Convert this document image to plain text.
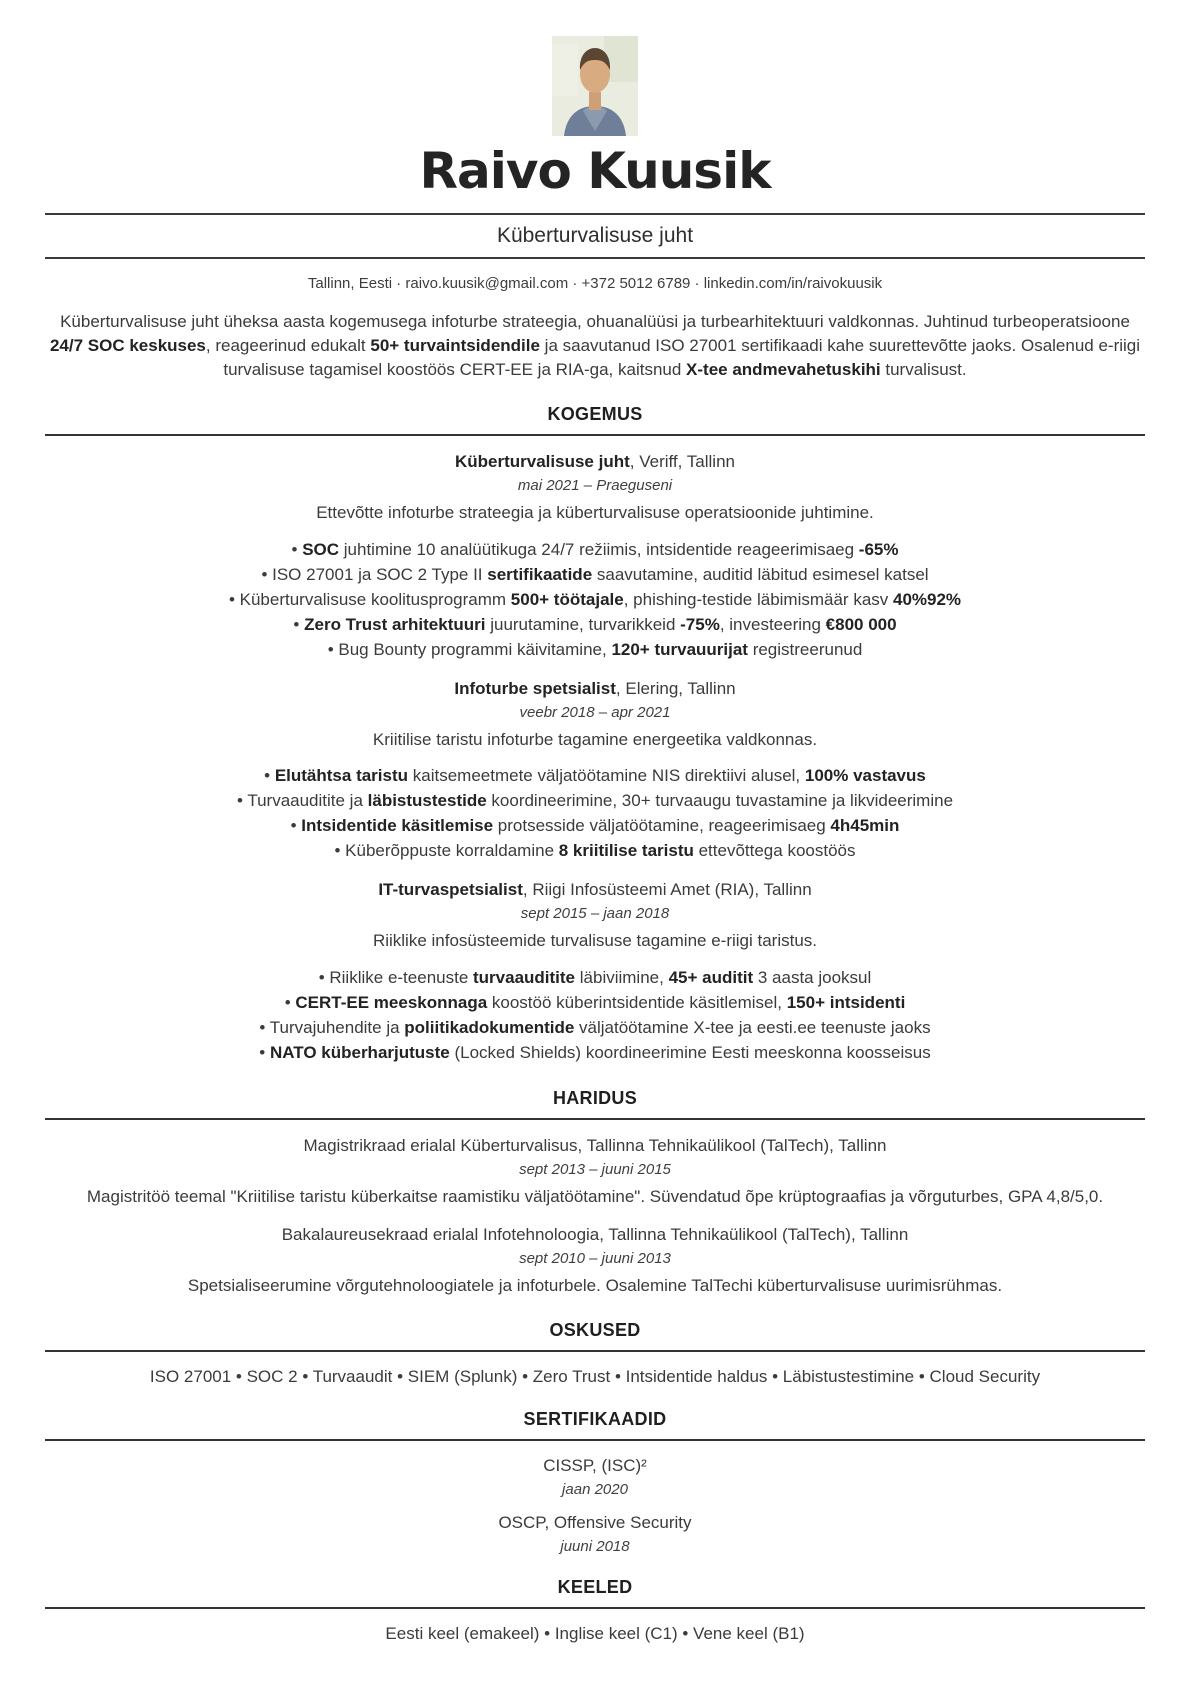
Raivo Kuusik
Küberturvalisuse juht
Tallinn, Eesti · raivo.kuusik@gmail.com · +372 5012 6789 · linkedin.com/in/raivokuusik

Küberturvalisuse juht üheksa aasta kogemusega infoturbe strateegia, ohuanalüüsi ja turbearhitektuuri valdkonnas. Juhtinud turbeoperatsioone 24/7 SOC keskuses, reageerinud edukalt 50+ turvaintsidendile ja saavutanud ISO 27001 sertifikaadi kahe suurettevõtte jaoks. Osalenud e-riigi turvalisuse tagamisel koostöös CERT-EE ja RIA-ga, kaitsnud X-tee andmevahetuskihi turvalisust.

KOGEMUS
Küberturvalisuse juht, Veriff, Tallinn
mai 2021 – Praeguseni
Ettevõtte infoturbe strateegia ja küberturvalisuse operatsioonide juhtimine.
• SOC juhtimine 10 analüütikuga 24/7 režiimis, intsidentide reageerimisaeg -65%
• ISO 27001 ja SOC 2 Type II sertifikaatide saavutamine, auditid läbitud esimesel katsel
• Küberturvalisuse koolitusprogramm 500+ töötajale, phishing-testide läbimismäär kasv 40%92%
• Zero Trust arhitektuuri juurutamine, turvarikkeid -75%, investeering €800 000
• Bug Bounty programmi käivitamine, 120+ turvauurijat registreerunud
Infoturbe spetsialist, Elering, Tallinn
veebr 2018 – apr 2021
Kriitilise taristu infoturbe tagamine energeetika valdkonnas.
• Elutähtsa taristu kaitsemeetmete väljatöötamine NIS direktiivi alusel, 100% vastavus
• Turvaauditite ja läbistustestide koordineerimine, 30+ turvaaugu tuvastamine ja likvideerimine
• Intsidentide käsitlemise protsesside väljatöötamine, reageerimisaeg 4h45min
• Küberõppuste korraldamine 8 kriitilise taristu ettevõttega koostöös
IT-turvaspetsialist, Riigi Infosüsteemi Amet (RIA), Tallinn
sept 2015 – jaan 2018
Riiklike infosüsteemide turvalisuse tagamine e-riigi taristus.
• Riiklike e-teenuste turvaauditite läbiviimine, 45+ auditit 3 aasta jooksul
• CERT-EE meeskonnaga koostöö küberintsidentide käsitlemisel, 150+ intsidenti
• Turvajuhendite ja poliitikadokumentide väljatöötamine X-tee ja eesti.ee teenuste jaoks
• NATO küberharjutuste (Locked Shields) koordineerimine Eesti meeskonna koosseisus
HARIDUS
Magistrikraad erialal Küberturvalisus, Tallinna Tehnikaülikool (TalTech), Tallinn
sept 2013 – juuni 2015
Magistritöö teemal "Kriitilise taristu küberkaitse raamistiku väljatöötamine". Süvendatud õpe krüptograafias ja võrguturbes, GPA 4,8/5,0.
Bakalaureusekraad erialal Infotehnoloogia, Tallinna Tehnikaülikool (TalTech), Tallinn
sept 2010 – juuni 2013
Spetsialiseerumine võrgutehnoloogiatele ja infoturbele. Osalemine TalTechi küberturvalisuse uurimisrühmas.
OSKUSED
ISO 27001 • SOC 2 • Turvaaudit • SIEM (Splunk) • Zero Trust • Intsidentide haldus • Läbistustestimine • Cloud Security
SERTIFIKAADID
CISSP, (ISC)²
jaan 2020
OSCP, Offensive Security
juuni 2018
KEELED
Eesti keel (emakeel) • Inglise keel (C1) • Vene keel (B1)
